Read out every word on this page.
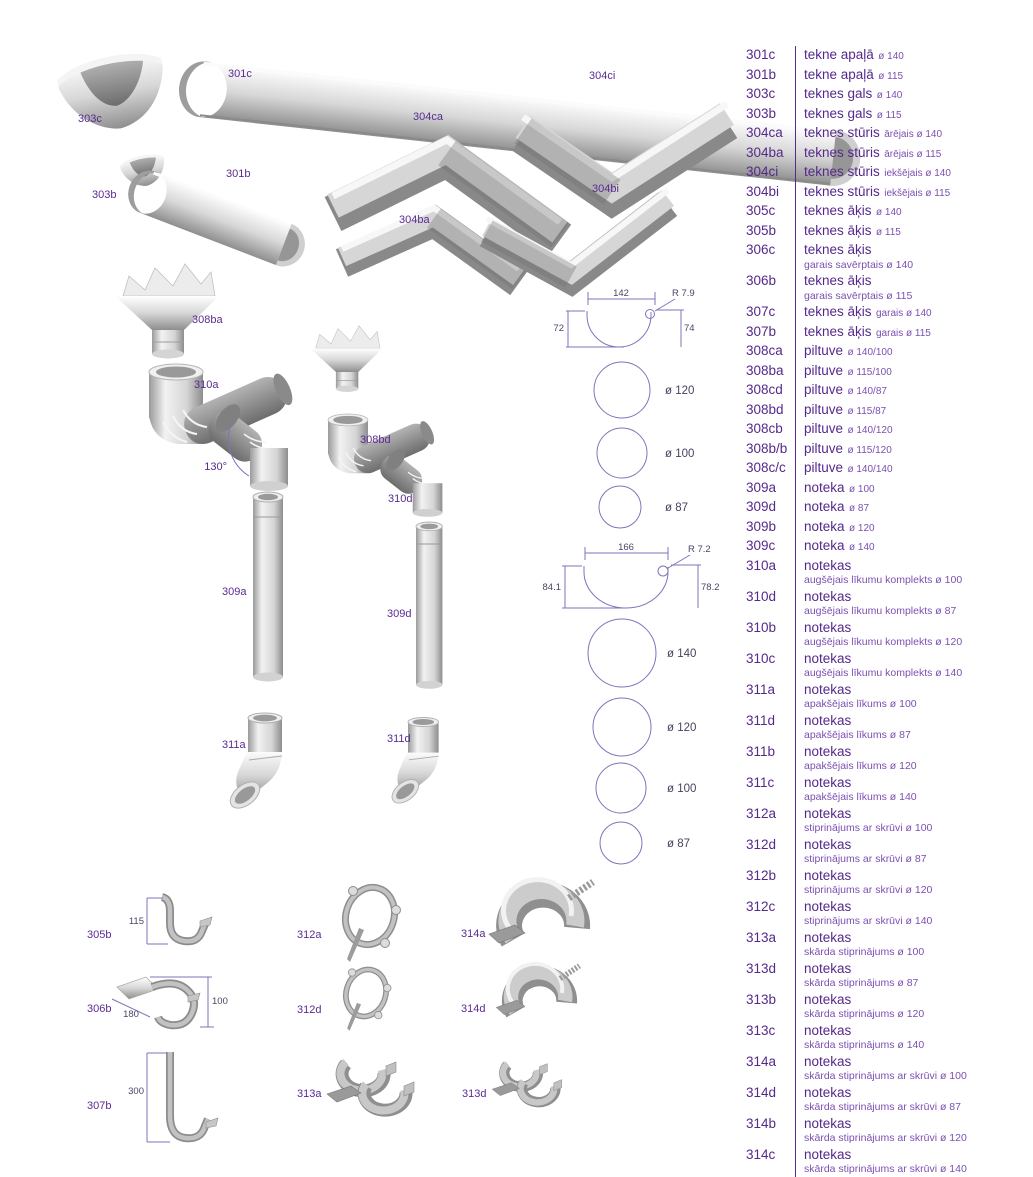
142	R 7.9
72	74
ø 120
ø 100
ø 87
166	R 7.2
84.1	78.2
ø 140
ø 120
ø 100
ø 87
303c
301c
303b
301b
304ca
304ci
304ba
304bi
308ba
310a
130°
308bd
310d
309a
309d
311a	311d
305b
306b
307b
312a
312d
314a
314d
313a	313d
115
100
180
300
301c	tekne apaļā ø 140
301b	tekne apaļā ø 115
303c	teknes gals ø 140
303b	teknes gals ø 115
304ca	teknes stūris ārējais ø 140
304ba	teknes stūris ārējais ø 115
304ci	teknes stūris iekšējais ø 140
304bi	teknes stūris iekšējais ø 115
305c	teknes āķis ø 140
305b	teknes āķis ø 115
306c	teknes āķis
garais savērptais ø 140
306b	teknes āķis
garais savērptais ø 115
307c	teknes āķis garais ø 140
307b	teknes āķis garais ø 115
308ca	piltuve ø 140/100
308ba	piltuve ø 115/100
308cd	piltuve ø 140/87
308bd	piltuve ø 115/87
308cb	piltuve ø 140/120
308b/b	piltuve ø 115/120
308c/c	piltuve ø 140/140
309a	noteka ø 100
309d	noteka ø 87
309b	noteka ø 120
309c	noteka ø 140
310a	notekas
augšējais līkumu komplekts ø 100
310d	notekas
augšējais līkumu komplekts ø 87
310b	notekas
augšējais līkumu komplekts ø 120
310c	notekas
augšējais līkumu komplekts ø 140
311a	notekas
apakšējais līkums ø 100
311d	notekas
apakšējais līkums ø 87
311b	notekas
apakšējais līkums ø 120
311c	notekas
apakšējais līkums ø 140
312a	notekas
stiprinājums ar skrūvi ø 100
312d	notekas
stiprinājums ar skrūvi ø 87
312b	notekas
stiprinājums ar skrūvi ø 120
312c	notekas
stiprinājums ar skrūvi ø 140
313a	notekas
skārda stiprinājums ø 100
313d	notekas
skārda stiprinājums ø 87
313b	notekas
skārda stiprinājums ø 120
313c	notekas
skārda stiprinājums ø 140
314a	notekas
skārda stiprinājums ar skrūvi ø 100
314d	notekas
skārda stiprinājums ar skrūvi ø 87
314b	notekas
skārda stiprinājums ar skrūvi ø 120
314c	notekas
skārda stiprinājums ar skrūvi ø 140
